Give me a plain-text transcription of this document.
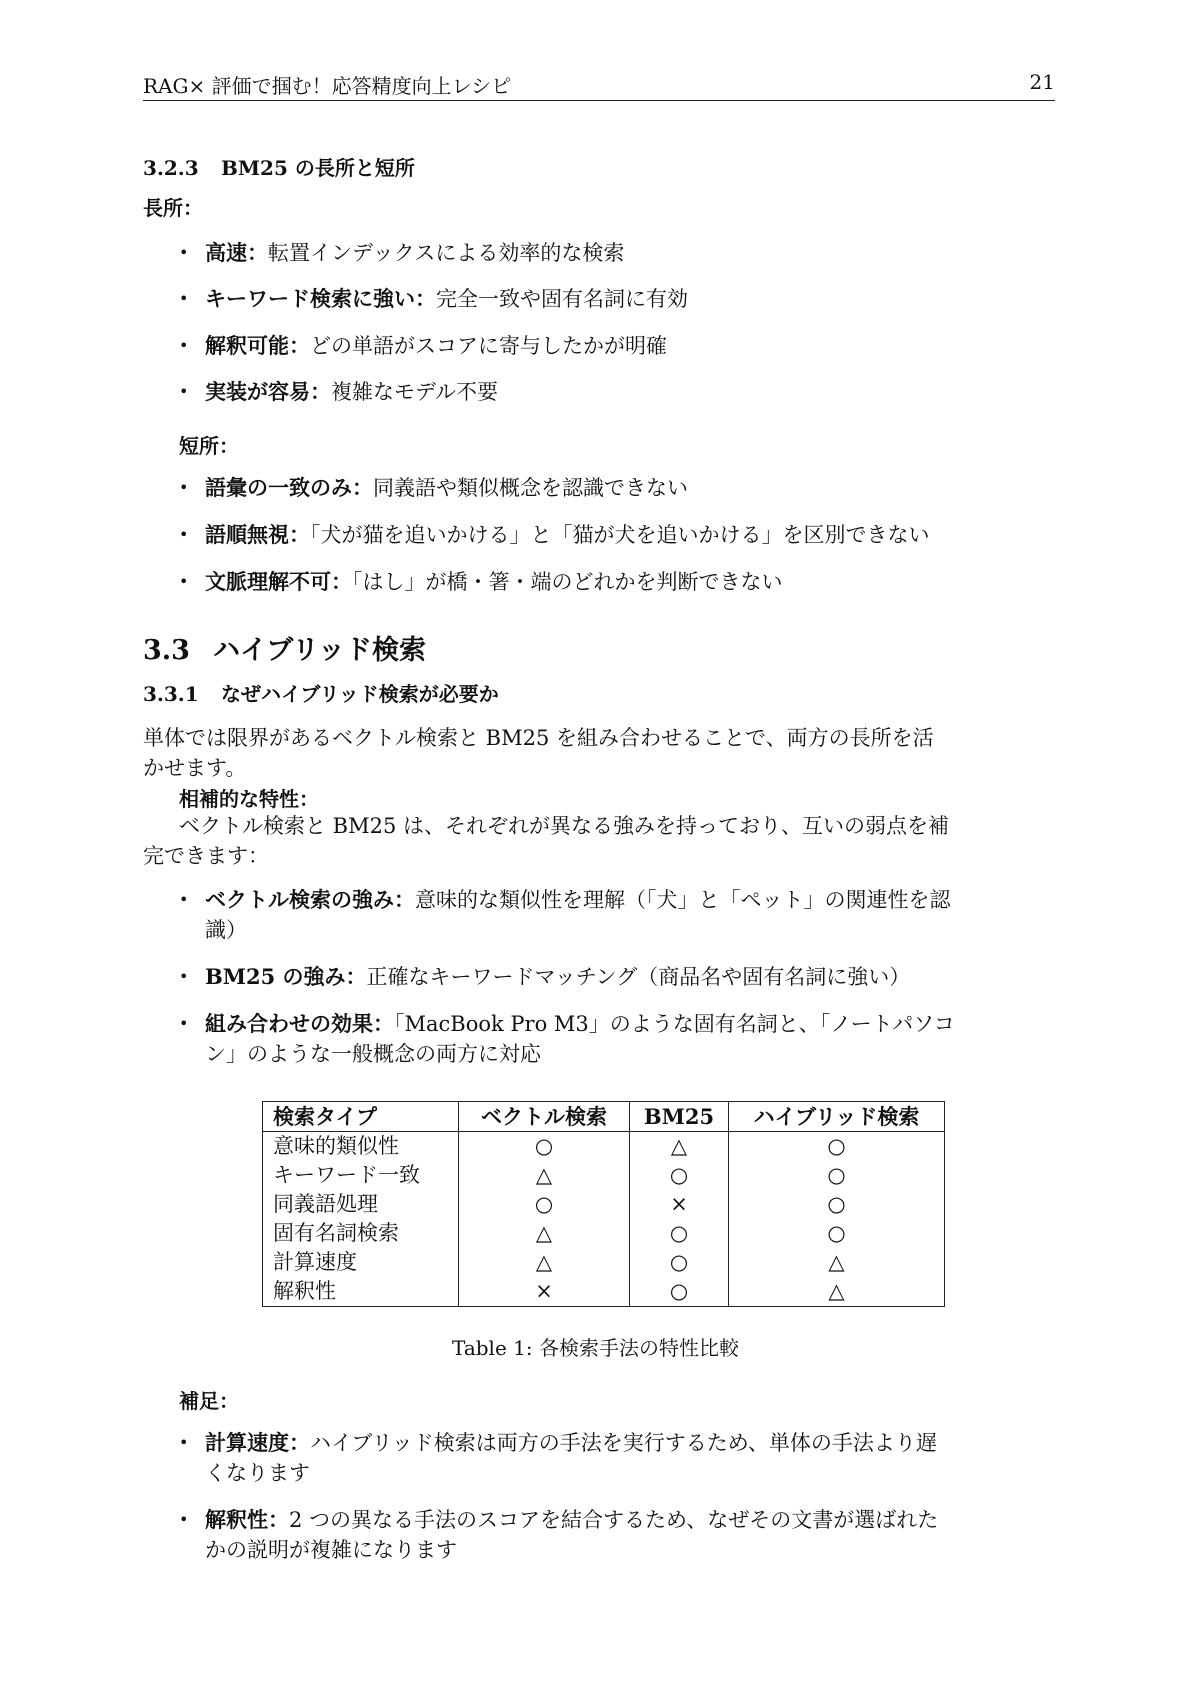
RAG× 評価で掴む！応答精度向上レシピ	21
3.2.3 BM25 の長所と短所
長所：
• 高速：転置インデックスによる効率的な検索
• キーワード検索に強い：完全一致や固有名詞に有効
• 解釈可能：どの単語がスコアに寄与したかが明確
• 実装が容易：複雑なモデル不要
短所：
• 語彙の一致のみ：同義語や類似概念を認識できない
• 語順無視：「犬が猫を追いかける」と「猫が犬を追いかける」を区別できない
• 文脈理解不可：「はし」が橋・箸・端のどれかを判断できない
3.3 ハイブリッド検索
3.3.1 なぜハイブリッド検索が必要か
単体では限界があるベクトル検索と BM25 を組み合わせることで、両方の長所を活
かせます。
相補的な特性：
ベクトル検索と BM25 は、それぞれが異なる強みを持っており、互いの弱点を補
完できます：
• ベクトル検索の強み：意味的な類似性を理解（「犬」と「ペット」の関連性を認
識）
• BM25 の強み：正確なキーワードマッチング（商品名や固有名詞に強い）
• 組み合わせの効果：「MacBook Pro M3」のような固有名詞と、「ノートパソコ
ン」のような一般概念の両方に対応
検索タイプ	ベクトル検索	BM25	ハイブリッド検索
意味的類似性	○	△	○
キーワード一致	△	○	○
同義語処理	○	×	○
固有名詞検索	△	○	○
計算速度	△	○	△
解釈性	×	○	△
Table 1: 各検索手法の特性比較
補足：
• 計算速度：ハイブリッド検索は両方の手法を実行するため、単体の手法より遅
くなります
• 解釈性：2 つの異なる手法のスコアを結合するため、なぜその文書が選ばれた
かの説明が複雑になります
